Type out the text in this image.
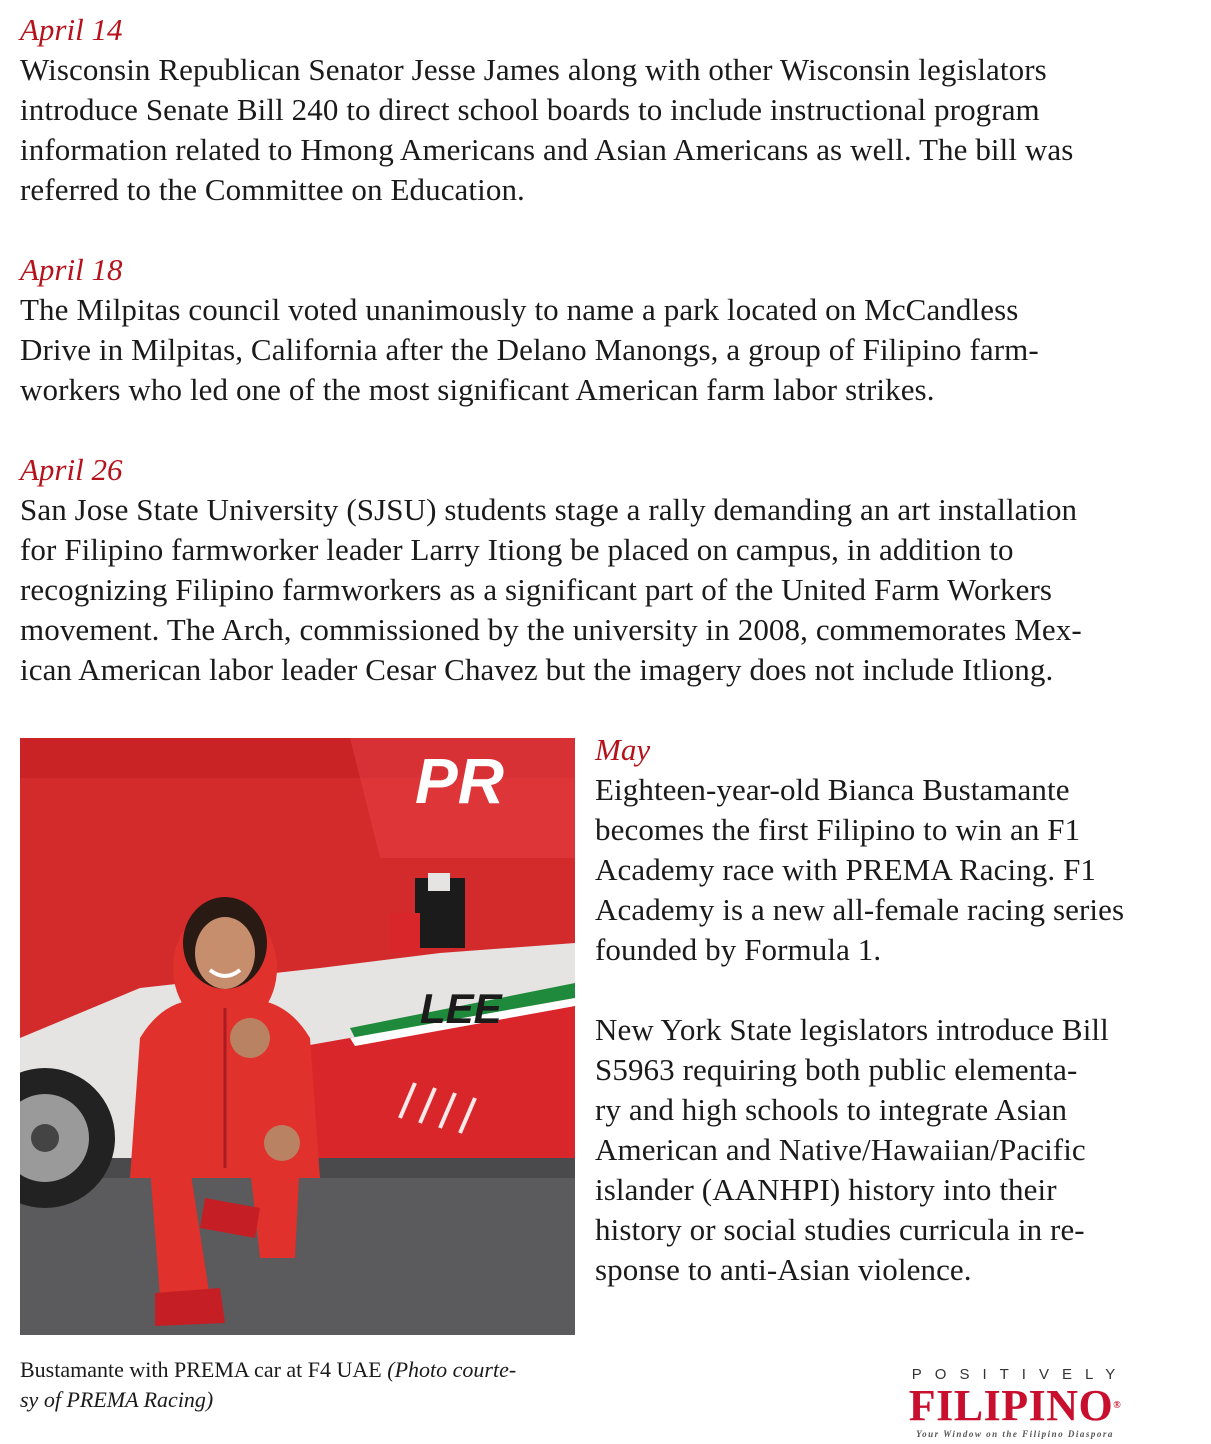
April 14
Wisconsin Republican Senator Jesse James along with other Wisconsin legislators
introduce Senate Bill 240 to direct school boards to include instructional program
information related to Hmong Americans and Asian Americans as well. The bill was
referred to the Committee on Education.
April 18
The Milpitas council voted unanimously to name a park located on McCandless
Drive in Milpitas, California after the Delano Manongs, a group of Filipino farm-
workers who led one of the most significant American farm labor strikes.
April 26
San Jose State University (SJSU) students stage a rally demanding an art installation
for Filipino farmworker leader Larry Itiong be placed on campus, in addition to
recognizing Filipino farmworkers as a significant part of the United Farm Workers
movement. The Arch, commissioned by the university in 2008, commemorates Mex-
ican American labor leader Cesar Chavez but the imagery does not include Itliong.
PR
LEE
Bustamante with PREMA car at F4 UAE (Photo courte-
sy of PREMA Racing)
May
Eighteen-year-old Bianca Bustamante
becomes the first Filipino to win an F1
Academy race with PREMA Racing. F1
Academy is a new all-female racing series
founded by Formula 1.
New York State legislators introduce Bill
S5963 requiring both public elementa-
ry and high schools to integrate Asian
American and Native/Hawaiian/Pacific
islander (AANHPI) history into their
history or social studies curricula in re-
sponse to anti-Asian violence.
POSITIVELY
FILIPINO®
Your Window on the Filipino Diaspora
